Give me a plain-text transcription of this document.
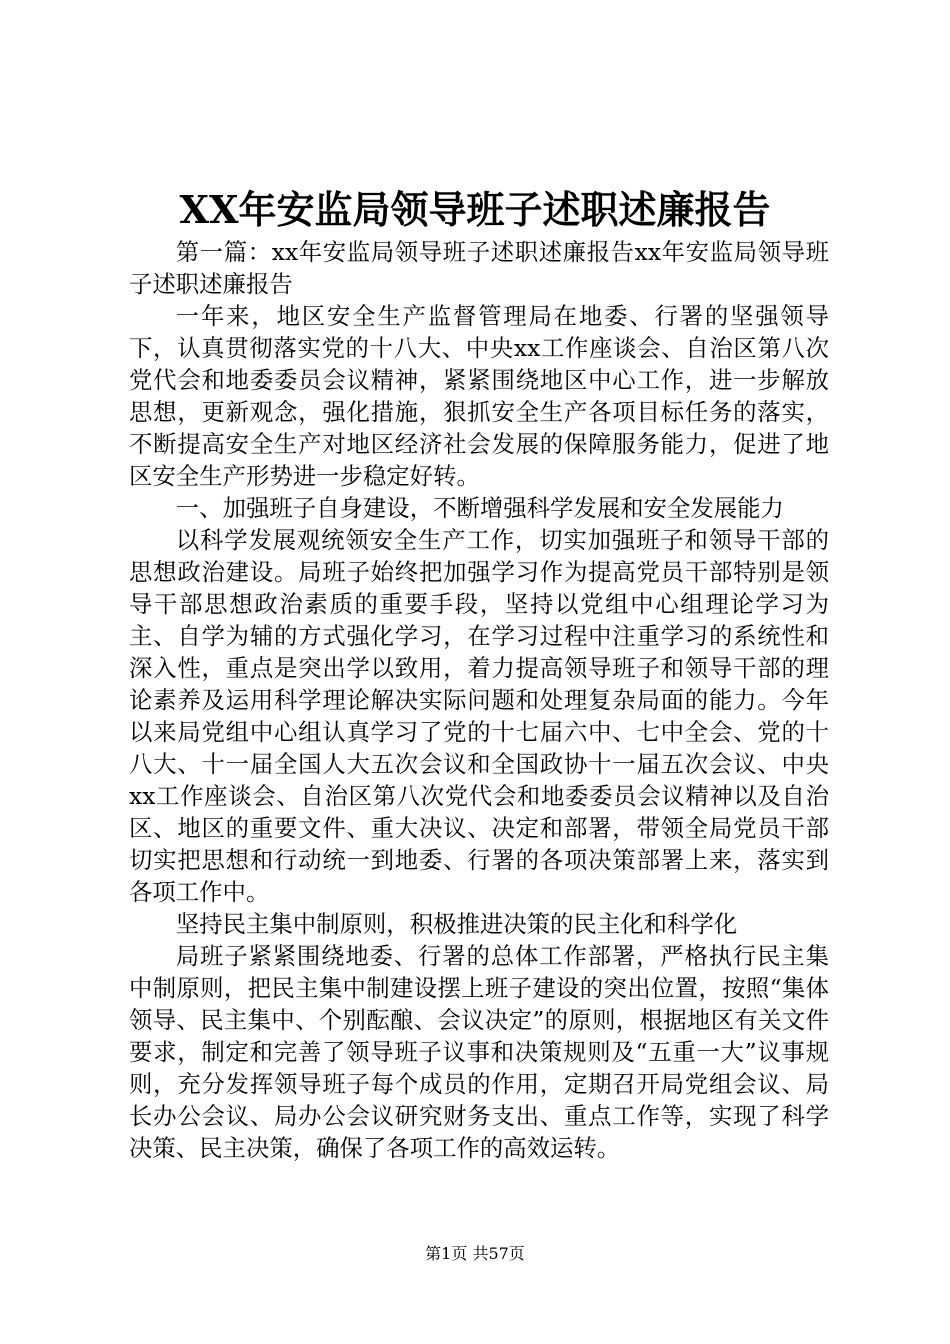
XX年安监局领导班子述职述廉报告

第一篇：xx年安监局领导班子述职述廉报告xx年安监局领导班子述职述廉报告

一年来，地区安全生产监督管理局在地委、行署的坚强领导下，认真贯彻落实党的十八大、中央xx工作座谈会、自治区第八次党代会和地委委员会议精神，紧紧围绕地区中心工作，进一步解放思想，更新观念，强化措施，狠抓安全生产各项目标任务的落实，不断提高安全生产对地区经济社会发展的保障服务能力，促进了地区安全生产形势进一步稳定好转。

一、加强班子自身建设，不断增强科学发展和安全发展能力

以科学发展观统领安全生产工作，切实加强班子和领导干部的思想政治建设。局班子始终把加强学习作为提高党员干部特别是领导干部思想政治素质的重要手段，坚持以党组中心组理论学习为主、自学为辅的方式强化学习，在学习过程中注重学习的系统性和深入性，重点是突出学以致用，着力提高领导班子和领导干部的理论素养及运用科学理论解决实际问题和处理复杂局面的能力。今年以来局党组中心组认真学习了党的十七届六中、七中全会、党的十八大、十一届全国人大五次会议和全国政协十一届五次会议、中央xx工作座谈会、自治区第八次党代会和地委委员会议精神以及自治区、地区的重要文件、重大决议、决定和部署，带领全局党员干部切实把思想和行动统一到地委、行署的各项决策部署上来，落实到各项工作中。

坚持民主集中制原则，积极推进决策的民主化和科学化

局班子紧紧围绕地委、行署的总体工作部署，严格执行民主集中制原则，把民主集中制建设摆上班子建设的突出位置，按照“集体领导、民主集中、个别酝酿、会议决定”的原则，根据地区有关文件要求，制定和完善了领导班子议事和决策规则及“五重一大”议事规则，充分发挥领导班子每个成员的作用，定期召开局党组会议、局长办公会议、局办公会议研究财务支出、重点工作等，实现了科学决策、民主决策，确保了各项工作的高效运转。

第1页 共57页
